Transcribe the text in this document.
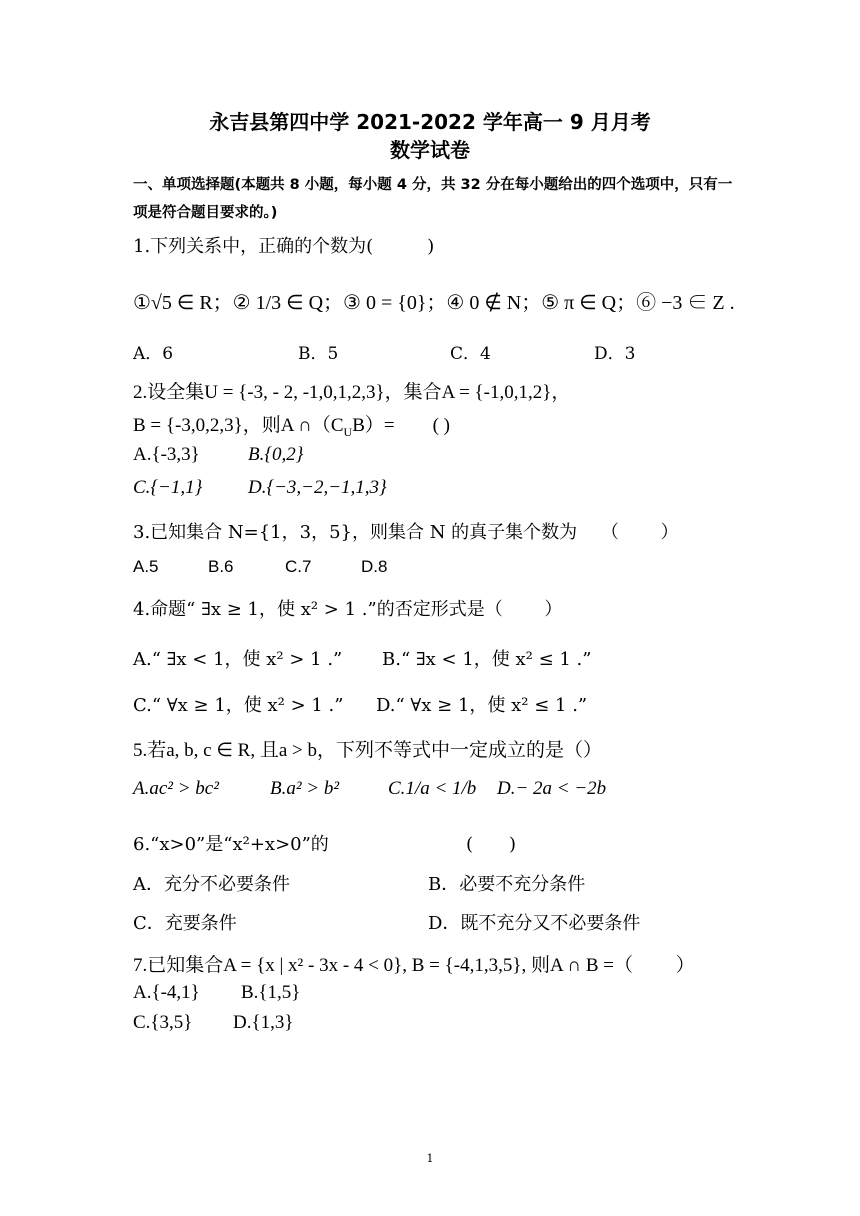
永吉县第四中学 2021-2022 学年高一 9 月月考
数学试卷
一、单项选择题(本题共 8 小题，每小题 4 分，共 32 分在每小题给出的四个选项中，只有一
项是符合题目要求的。)
1.下列关系中，正确的个数为(　　　)
①√5 ∈ R；② 1/3 ∈ Q；③ 0 = {0}；④ 0 ∉ N；⑤ π ∈ Q；⑥ −3 ∈ Z .
A．6	B．5	C．4	D．3
2.设全集U = {-3, - 2, -1,0,1,2,3}，集合A = {-1,0,1,2}，
B = {-3,0,2,3}，则A $\cap(C_UB)=$　　( )
A.{-3,3}	B.{0,2}
C.{−1,1} D.{−3,−2,−1,1,3}
3.已知集合 N={1，3，5}，则集合 N 的真子集个数为　 （　　 ）
A.5	B.6	C.7	D.8
4.命题“ ∃x ≥ 1，使 x² > 1 .”的否定形式是（　　 ）
A.“ ∃x < 1，使 x² > 1 .” B.“ ∃x < 1，使 x² ≤ 1 .”
C.“ ∀x ≥ 1，使 x² > 1 .” D.“ ∀x ≥ 1，使 x² ≤ 1 .”
5.若a, b, c ∈ R, 且a > b，下列不等式中一定成立的是（）
A.ac² > bc²	B.a² > b²	C.1/a < 1/b D.− 2a < −2b
6.“x>0”是“x²+x>0”的	(　　)
A．充分不必要条件	B．必要不充分条件
C．充要条件	D．既不充分又不必要条件
7.已知集合A = {x | x² - 3x - 4 < 0}, B = {-4,1,3,5}, 则A ∩ B =（　　 ）
A.{-4,1} B.{1,5}
C.{3,5} D.{1,3}
1
